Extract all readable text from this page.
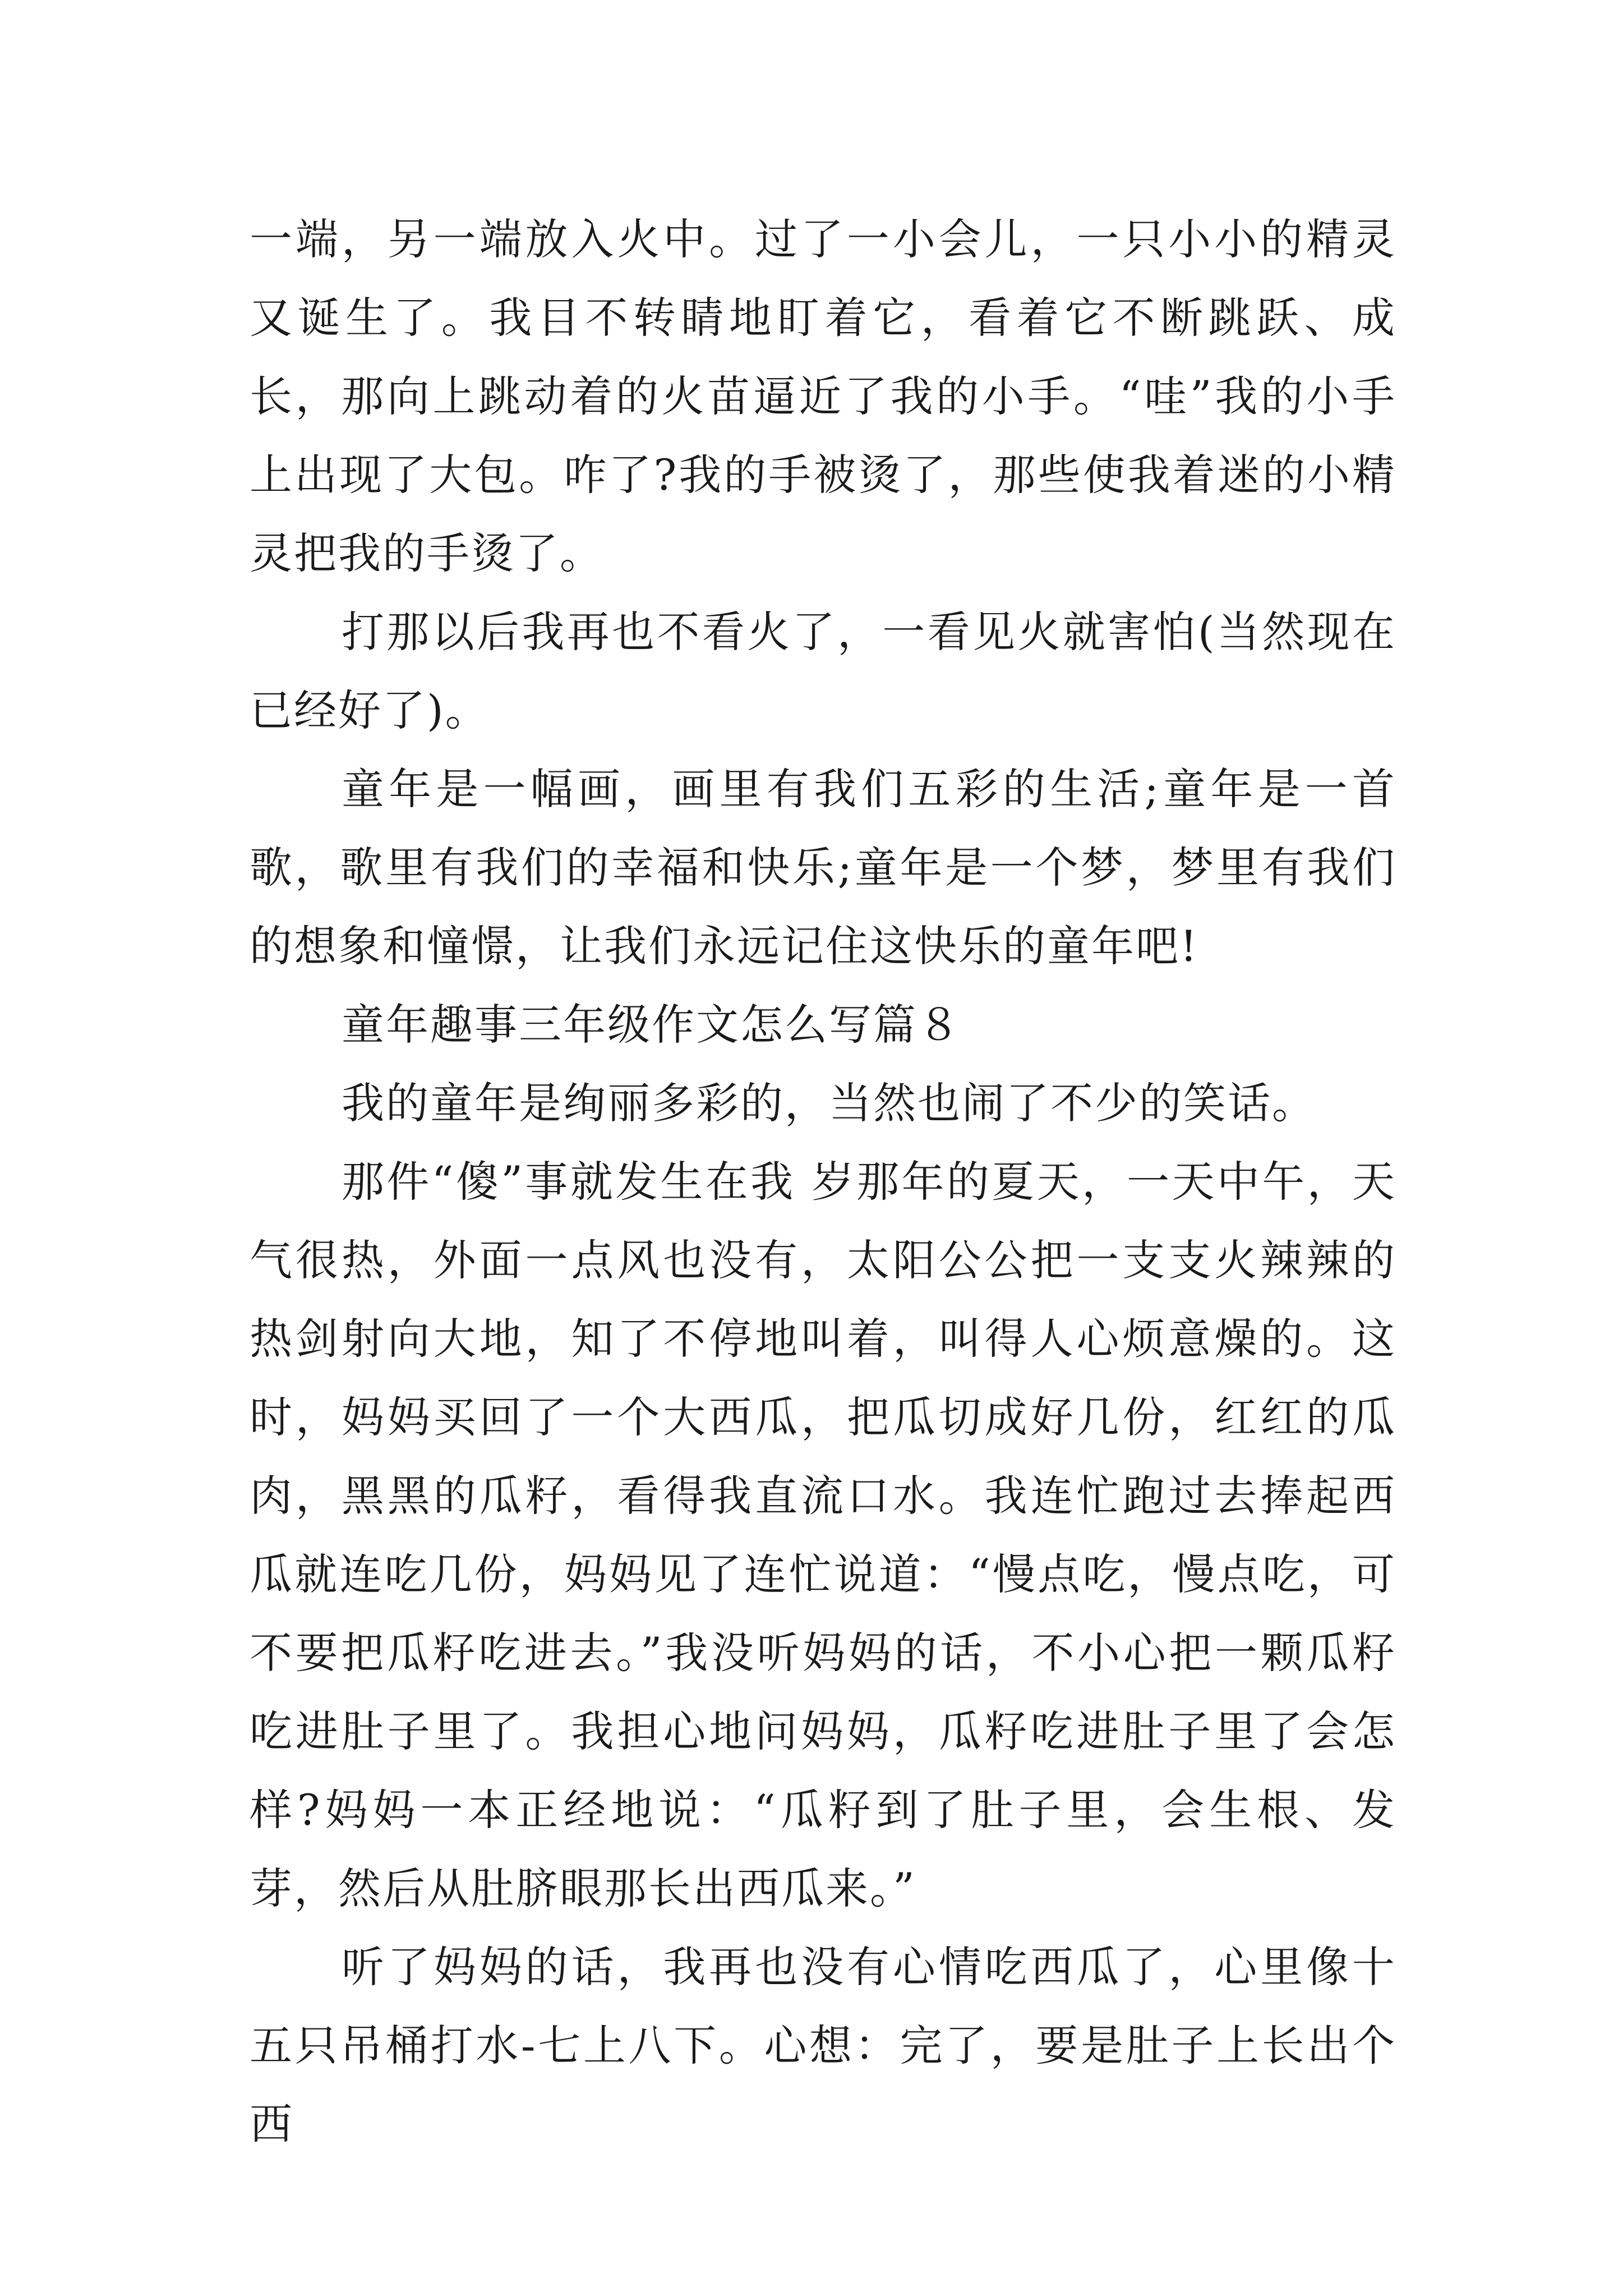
一端，另一端放入火中。过了一小会儿，一只小小的精灵又诞生了。我目不转睛地盯着它，看着它不断跳跃、成长，那向上跳动着的火苗逼近了我的小手。“哇”我的小手上出现了大包。咋了?我的手被烫了，那些使我着迷的小精灵把我的手烫了。

打那以后我再也不看火了，一看见火就害怕(当然现在已经好了)。

童年是一幅画，画里有我们五彩的生活;童年是一首歌，歌里有我们的幸福和快乐;童年是一个梦，梦里有我们的想象和憧憬，让我们永远记住这快乐的童年吧!

童年趣事三年级作文怎么写篇８

我的童年是绚丽多彩的，当然也闹了不少的笑话。

那件“傻”事就发生在我 岁那年的夏天，一天中午，天气很热，外面一点风也没有，太阳公公把一支支火辣辣的热剑射向大地，知了不停地叫着，叫得人心烦意燥的。这时，妈妈买回了一个大西瓜，把瓜切成好几份，红红的瓜肉，黑黑的瓜籽，看得我直流口水。我连忙跑过去捧起西瓜就连吃几份，妈妈见了连忙说道：“慢点吃，慢点吃，可不要把瓜籽吃进去。”我没听妈妈的话，不小心把一颗瓜籽吃进肚子里了。我担心地问妈妈，瓜籽吃进肚子里了会怎样?妈妈一本正经地说：“瓜籽到了肚子里，会生根、发芽，然后从肚脐眼那长出西瓜来。”

听了妈妈的话，我再也没有心情吃西瓜了，心里像十五只吊桶打水-七上八下。心想：完了，要是肚子上长出个西
